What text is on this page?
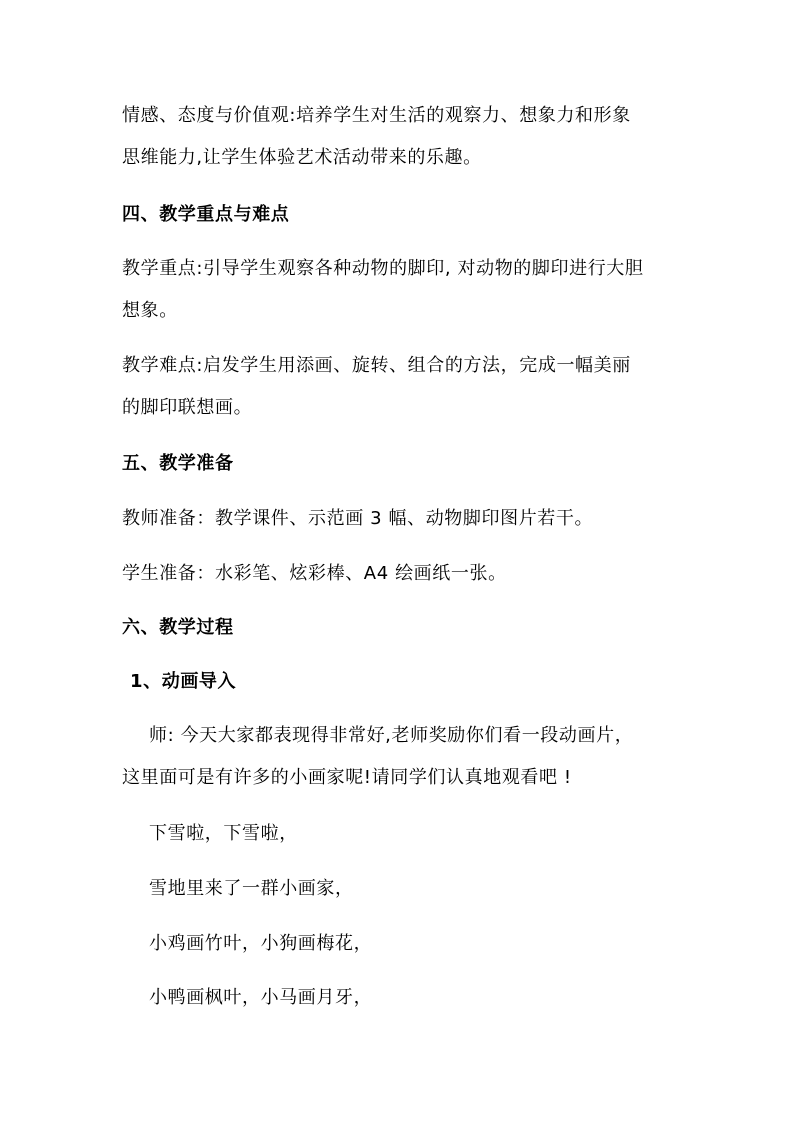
情感、态度与价值观:培养学生对生活的观察力、想象力和形象
思维能力,让学生体验艺术活动带来的乐趣。
四、教学重点与难点
教学重点:引导学生观察各种动物的脚印, 对动物的脚印进行大胆
想象。
教学难点:启发学生用添画、旋转、组合的方法，完成一幅美丽
的脚印联想画。
五、教学准备
教师准备：教学课件、示范画 3 幅、动物脚印图片若干。
学生准备：水彩笔、炫彩棒、A4 绘画纸一张。
六、教学过程
1、动画导入
师: 今天大家都表现得非常好,老师奖励你们看一段动画片，
这里面可是有许多的小画家呢!请同学们认真地观看吧 !
下雪啦，下雪啦，
雪地里来了一群小画家，
小鸡画竹叶，小狗画梅花，
小鸭画枫叶，小马画月牙，
